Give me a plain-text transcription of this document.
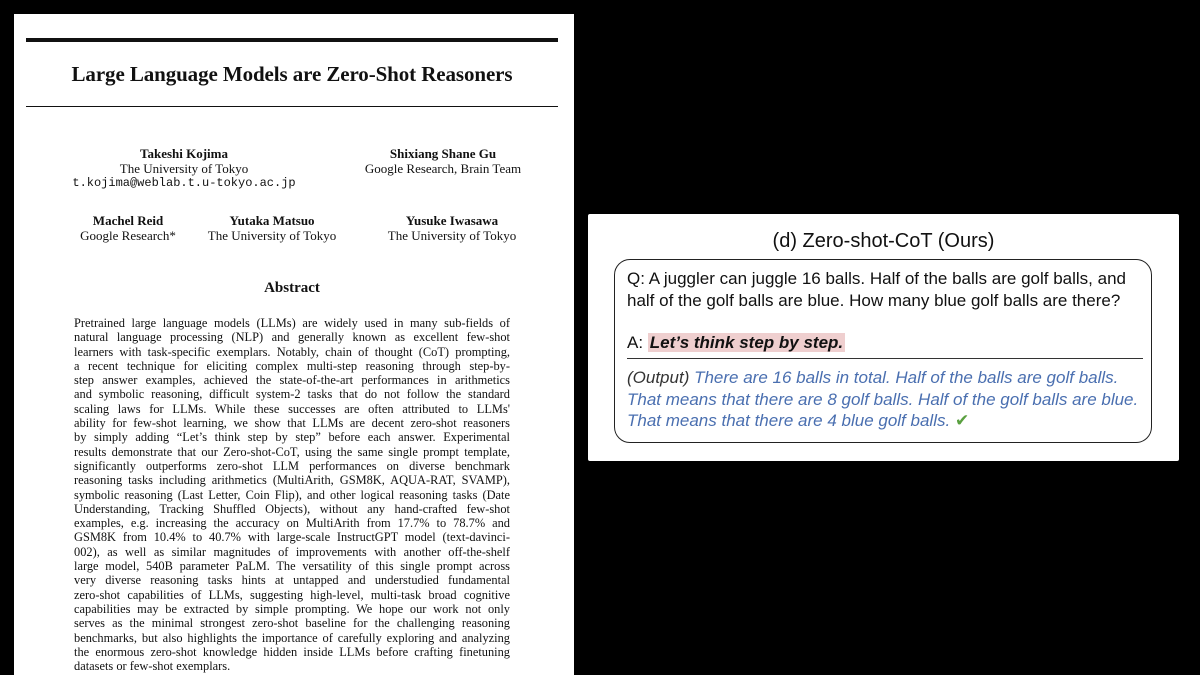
Large Language Models are Zero-Shot Reasoners
Takeshi Kojima
The University of Tokyo
t.kojima@weblab.t.u-tokyo.ac.jp
Shixiang Shane Gu
Google Research, Brain Team
Machel Reid
Google Research*
Yutaka Matsuo
The University of Tokyo
Yusuke Iwasawa
The University of Tokyo
Abstract
Pretrained large language models (LLMs) are widely used in many sub-fields of
natural language processing (NLP) and generally known as excellent few-shot
learners with task-specific exemplars. Notably, chain of thought (CoT) prompting,
a recent technique for eliciting complex multi-step reasoning through step-by-
step answer examples, achieved the state-of-the-art performances in arithmetics
and symbolic reasoning, difficult system-2 tasks that do not follow the standard
scaling laws for LLMs. While these successes are often attributed to LLMs'
ability for few-shot learning, we show that LLMs are decent zero-shot reasoners
by simply adding “Let’s think step by step” before each answer. Experimental
results demonstrate that our Zero-shot-CoT, using the same single prompt template,
significantly outperforms zero-shot LLM performances on diverse benchmark
reasoning tasks including arithmetics (MultiArith, GSM8K, AQUA-RAT, SVAMP),
symbolic reasoning (Last Letter, Coin Flip), and other logical reasoning tasks (Date
Understanding, Tracking Shuffled Objects), without any hand-crafted few-shot
examples, e.g. increasing the accuracy on MultiArith from 17.7% to 78.7% and
GSM8K from 10.4% to 40.7% with large-scale InstructGPT model (text-davinci-
002), as well as similar magnitudes of improvements with another off-the-shelf
large model, 540B parameter PaLM. The versatility of this single prompt across
very diverse reasoning tasks hints at untapped and understudied fundamental
zero-shot capabilities of LLMs, suggesting high-level, multi-task broad cognitive
capabilities may be extracted by simple prompting. We hope our work not only
serves as the minimal strongest zero-shot baseline for the challenging reasoning
benchmarks, but also highlights the importance of carefully exploring and analyzing
the enormous zero-shot knowledge hidden inside LLMs before crafting finetuning
datasets or few-shot exemplars.
(d) Zero-shot-CoT (Ours)
Q: A juggler can juggle 16 balls. Half of the balls are golf balls, and half of the golf balls are blue. How many blue golf balls are there?
A: Let’s think step by step.
(Output) There are 16 balls in total. Half of the balls are golf balls. That means that there are 8 golf balls. Half of the golf balls are blue. That means that there are 4 blue golf balls. ✔
